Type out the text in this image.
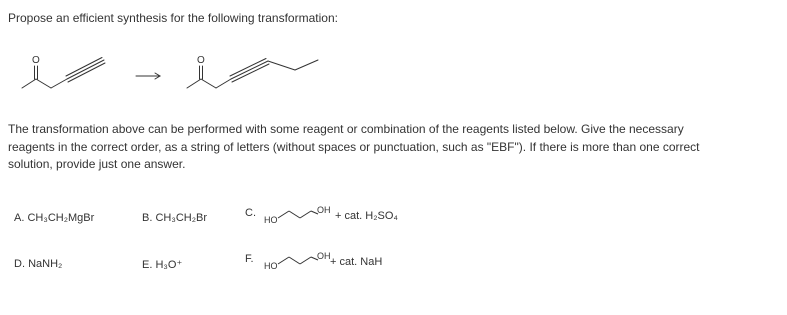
Propose an efficient synthesis for the following transformation:
O	O
The transformation above can be performed with some reagent or combination of the reagents listed below. Give the necessary
reagents in the correct order, as a string of letters (without spaces or punctuation, such as "EBF"). If there is more than one correct
solution, provide just one answer.
A. CH₃CH₂MgBr	B. CH₃CH₂Br	C.
HO
OH + cat. H₂SO₄
D. NaNH₂	E. H₃O⁺	F.
HO
OH + cat. NaH
